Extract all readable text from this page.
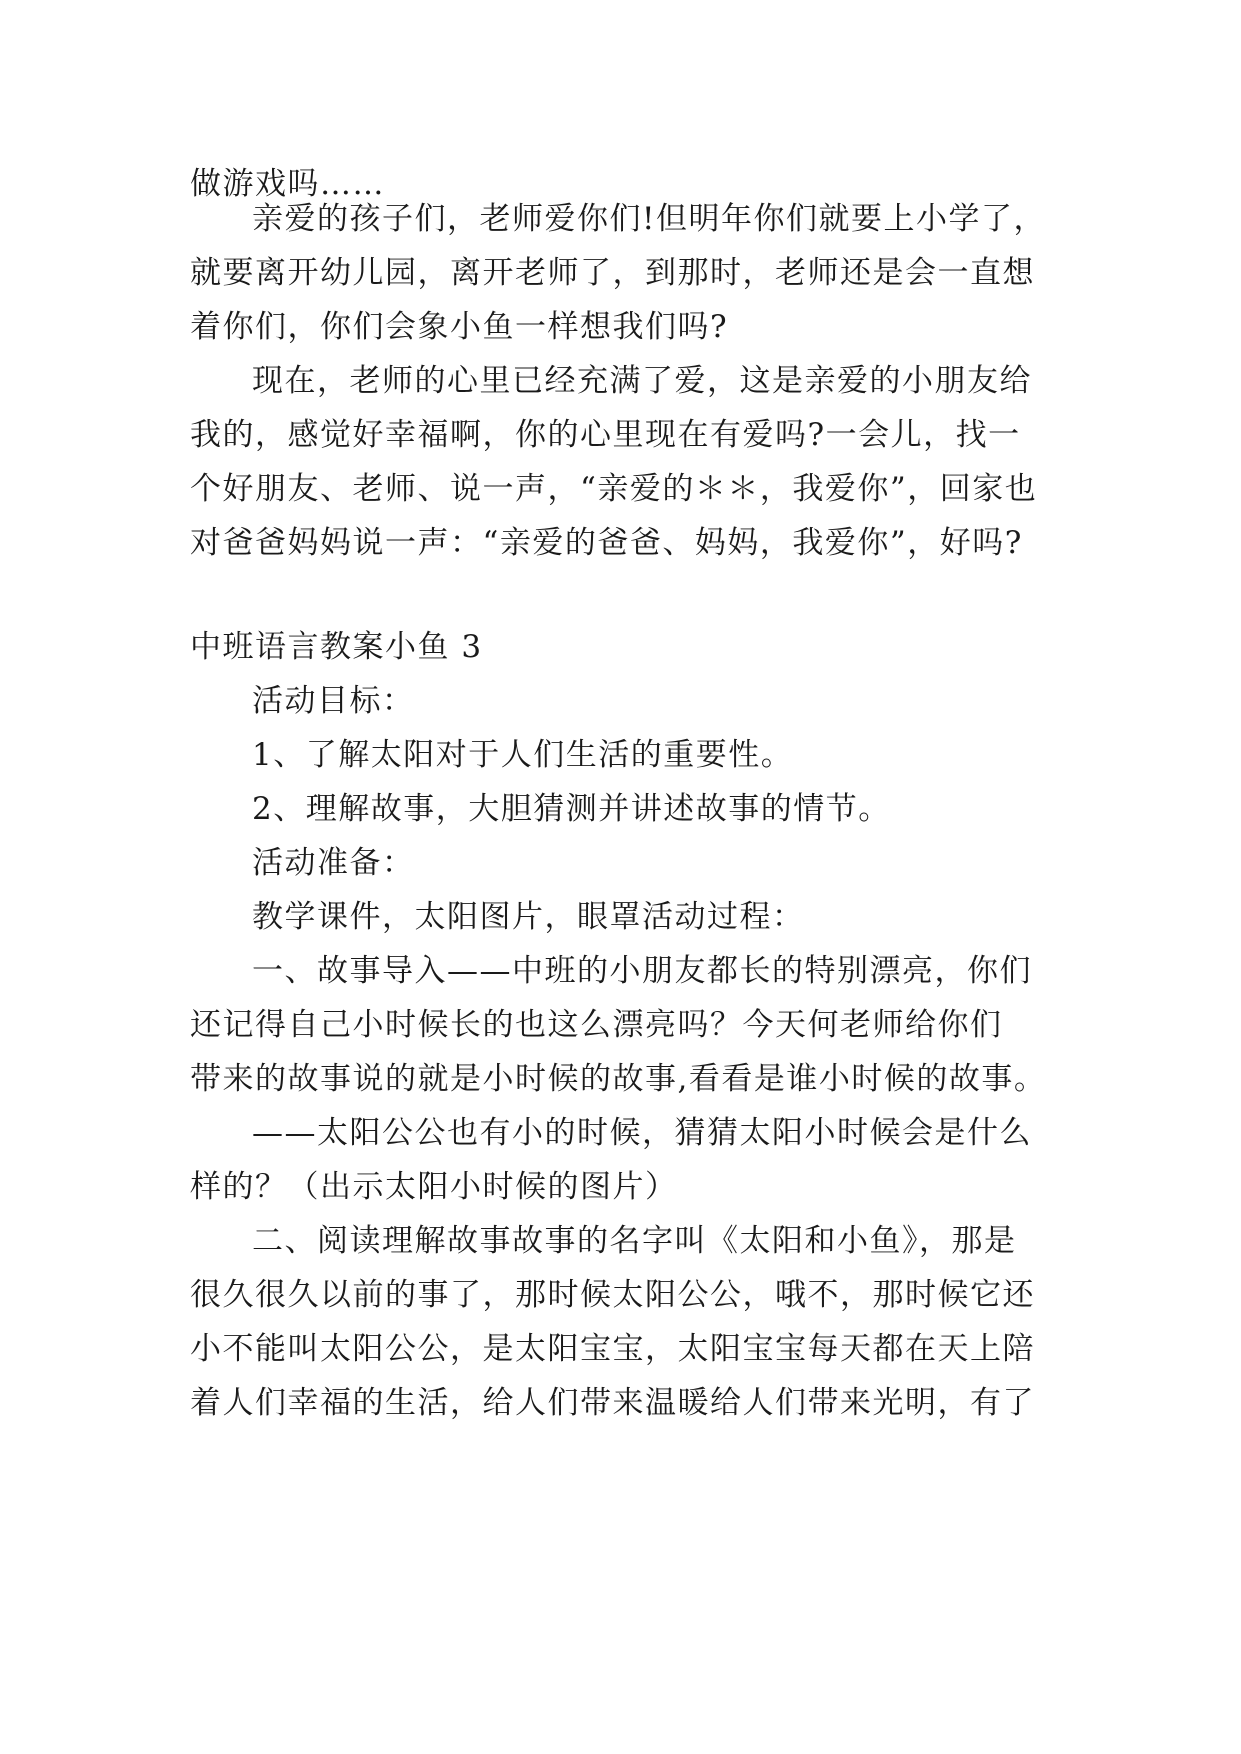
做游戏吗……
亲爱的孩子们，老师爱你们!但明年你们就要上小学了，
就要离开幼儿园，离开老师了，到那时，老师还是会一直想
着你们，你们会象小鱼一样想我们吗?
现在，老师的心里已经充满了爱，这是亲爱的小朋友给
我的，感觉好幸福啊，你的心里现在有爱吗?一会儿，找一
个好朋友、老师、说一声，“亲爱的＊＊，我爱你”，回家也
对爸爸妈妈说一声：“亲爱的爸爸、妈妈，我爱你”，好吗?
中班语言教案小鱼 3
活动目标：
1、了解太阳对于人们生活的重要性。
2、理解故事，大胆猜测并讲述故事的情节。
活动准备：
教学课件，太阳图片，眼罩活动过程：
一、故事导入——中班的小朋友都长的特别漂亮，你们
还记得自己小时候长的也这么漂亮吗？今天何老师给你们
带来的故事说的就是小时候的故事,看看是谁小时候的故事。
——太阳公公也有小的时候，猜猜太阳小时候会是什么
样的？（出示太阳小时候的图片）
二、阅读理解故事故事的名字叫《太阳和小鱼》，那是
很久很久以前的事了，那时候太阳公公，哦不，那时候它还
小不能叫太阳公公，是太阳宝宝，太阳宝宝每天都在天上陪
着人们幸福的生活，给人们带来温暖给人们带来光明，有了
